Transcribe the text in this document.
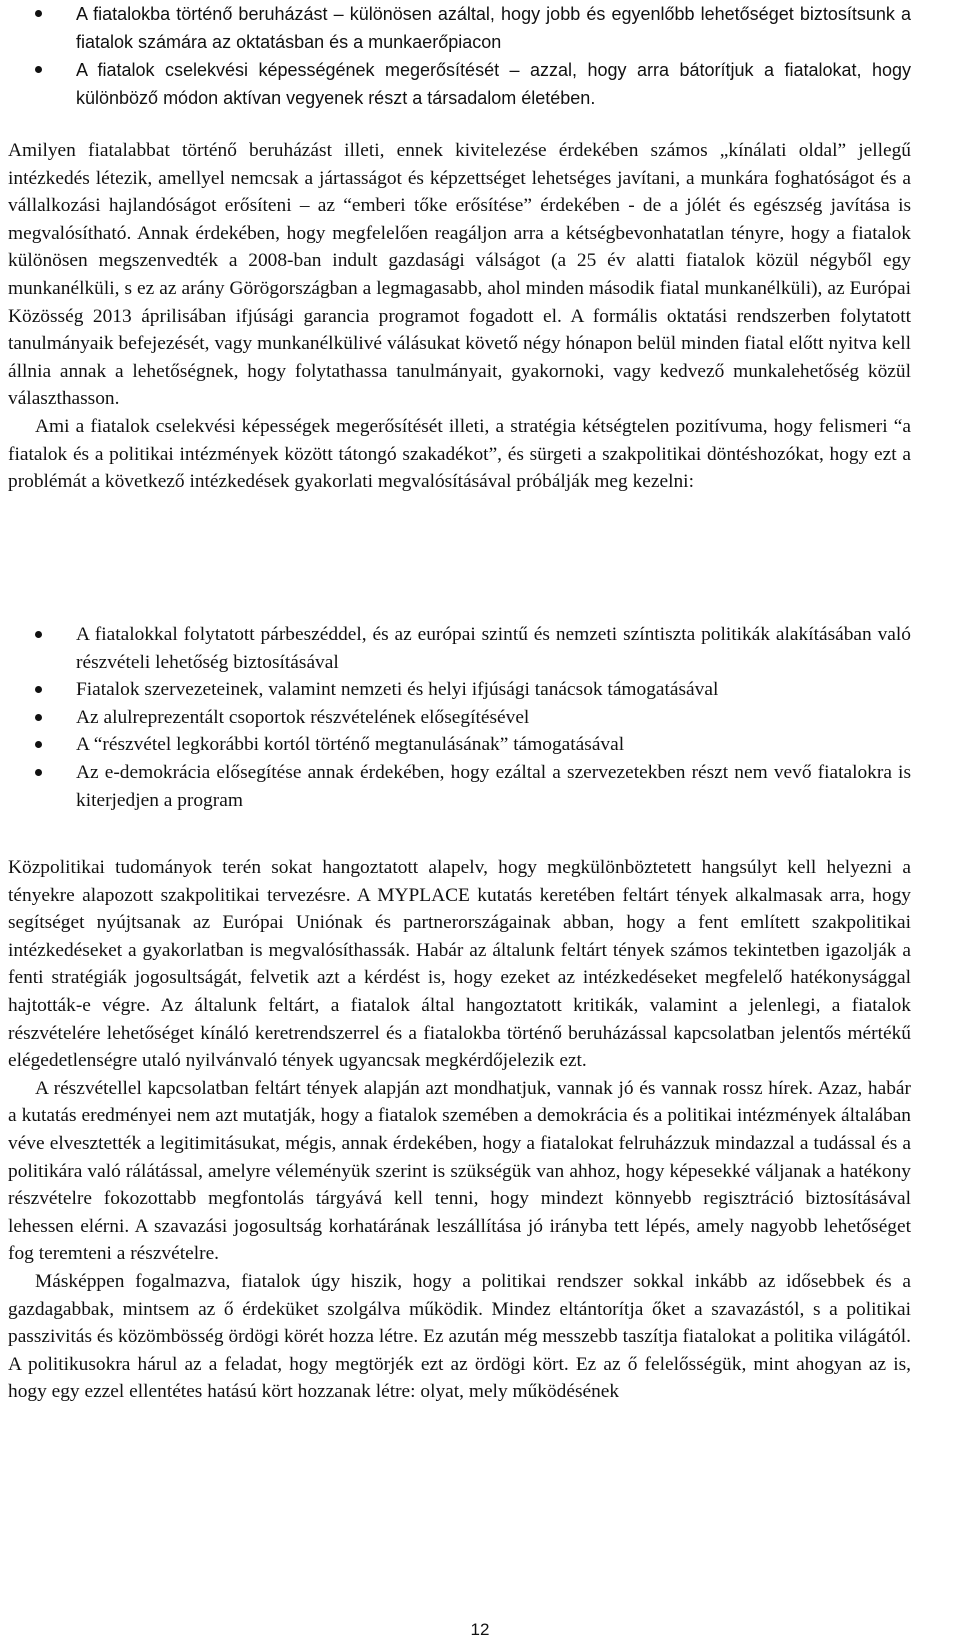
A fiatalokba történő beruházást – különösen azáltal, hogy jobb és egyenlőbb lehetőséget biztosítsunk a fiatalok számára az oktatásban és a munkaerőpiacon
A fiatalok cselekvési képességének megerősítését – azzal, hogy arra bátorítjuk a fiatalokat, hogy különböző módon aktívan vegyenek részt a társadalom életében.

Amilyen fiatalabbat történő beruházást illeti, ennek kivitelezése érdekében számos „kínálati oldal” jellegű intézkedés létezik, amellyel nemcsak a jártasságot és képzettséget lehetséges javítani, a munkára foghatóságot és a vállalkozási hajlandóságot erősíteni – az “emberi tőke erősítése” érdekében - de a jólét és egészség javítása is megvalósítható. Annak érdekében, hogy megfelelően reagáljon arra a kétségbevonhatatlan tényre, hogy a fiatalok különösen megszenvedték a 2008-ban indult gazdasági válságot (a 25 év alatti fiatalok közül négyből egy munkanélküli, s ez az arány Görögországban a legmagasabb, ahol minden második fiatal munkanélküli), az Európai Közösség 2013 áprilisában ifjúsági garancia programot fogadott el. A formális oktatási rendszerben folytatott tanulmányaik befejezését, vagy munkanélkülivé válásukat követő négy hónapon belül minden fiatal előtt nyitva kell állnia annak a lehetőségnek, hogy folytathassa tanulmányait, gyakornoki, vagy kedvező munkalehetőség közül választhasson.

Ami a fiatalok cselekvési képességek megerősítését illeti, a stratégia kétségtelen pozitívuma, hogy felismeri “a fiatalok és a politikai intézmények között tátongó szakadékot”, és sürgeti a szakpolitikai döntéshozókat, hogy ezt a problémát a következő intézkedések gyakorlati megvalósításával próbálják meg kezelni:

A fiatalokkal folytatott párbeszéddel, és az európai szintű és nemzeti színtiszta politikák alakításában való részvételi lehetőség biztosításával
Fiatalok szervezeteinek, valamint nemzeti és helyi ifjúsági tanácsok támogatásával
Az alulreprezentált csoportok részvételének elősegítésével
A “részvétel legkorábbi kortól történő megtanulásának” támogatásával
Az e-demokrácia elősegítése annak érdekében, hogy ezáltal a szervezetekben részt nem vevő fiatalokra is kiterjedjen a program

Közpolitikai tudományok terén sokat hangoztatott alapelv, hogy megkülönböztetett hangsúlyt kell helyezni a tényekre alapozott szakpolitikai tervezésre. A MYPLACE kutatás keretében feltárt tények alkalmasak arra, hogy segítséget nyújtsanak az Európai Uniónak és partnerországainak abban, hogy a fent említett szakpolitikai intézkedéseket a gyakorlatban is megvalósíthassák. Habár az általunk feltárt tények számos tekintetben igazolják a fenti stratégiák jogosultságát, felvetik azt a kérdést is, hogy ezeket az intézkedéseket megfelelő hatékonysággal hajtották-e végre. Az általunk feltárt, a fiatalok által hangoztatott kritikák, valamint a jelenlegi, a fiatalok részvételére lehetőséget kínáló keretrendszerrel és a fiatalokba történő beruházással kapcsolatban jelentős mértékű elégedetlenségre utaló nyilvánvaló tények ugyancsak megkérdőjelezik ezt.

A részvétellel kapcsolatban feltárt tények alapján azt mondhatjuk, vannak jó és vannak rossz hírek. Azaz, habár a kutatás eredményei nem azt mutatják, hogy a fiatalok szemében a demokrácia és a politikai intézmények általában véve elvesztették a legitimitásukat, mégis, annak érdekében, hogy a fiatalokat felruházzuk mindazzal a tudással és a politikára való rálátással, amelyre véleményük szerint is szükségük van ahhoz, hogy képesekké váljanak a hatékony részvételre fokozottabb megfontolás tárgyává kell tenni, hogy mindezt könnyebb regisztráció biztosításával lehessen elérni. A szavazási jogosultság korhatárának leszállítása jó irányba tett lépés, amely nagyobb lehetőséget fog teremteni a részvételre.

Másképpen fogalmazva, fiatalok úgy hiszik, hogy a politikai rendszer sokkal inkább az idősebbek és a gazdagabbak, mintsem az ő érdeküket szolgálva működik. Mindez eltántorítja őket a szavazástól, s a politikai passzivitás és közömbösség ördögi körét hozza létre. Ez azután még messzebb taszítja fiatalokat a politika világától. A politikusokra hárul az a feladat, hogy megtörjék ezt az ördögi kört. Ez az ő felelősségük, mint ahogyan az is, hogy egy ezzel ellentétes hatású kört hozzanak létre: olyat, mely működésének

12
